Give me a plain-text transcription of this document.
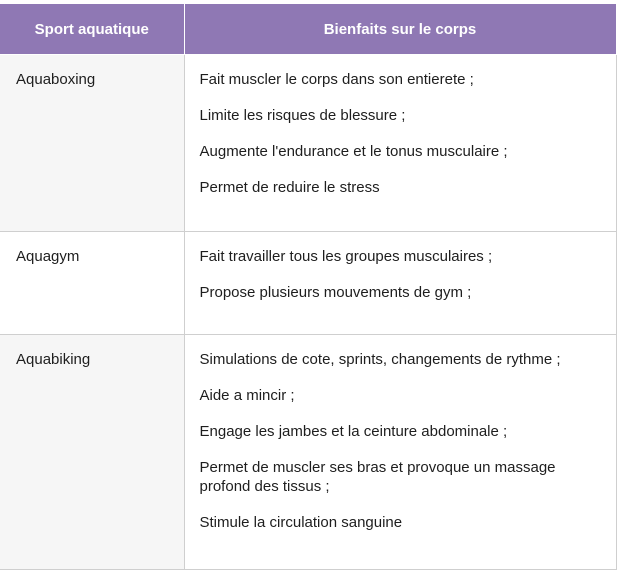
Sport aquatique	Bienfaits sur le corps
Aquaboxing	Fait muscler le corps dans son entierete ;
Limite les risques de blessure ;
Augmente l'endurance et le tonus musculaire ;
Permet de reduire le stress

Aquagym	Fait travailler tous les groupes musculaires ;
Propose plusieurs mouvements de gym ;

Aquabiking	Simulations de cote, sprints, changements de rythme ;
Aide a mincir ;
Engage les jambes et la ceinture abdominale ;
Permet de muscler ses bras et provoque un massage profond des tissus ;
Stimule la circulation sanguine
